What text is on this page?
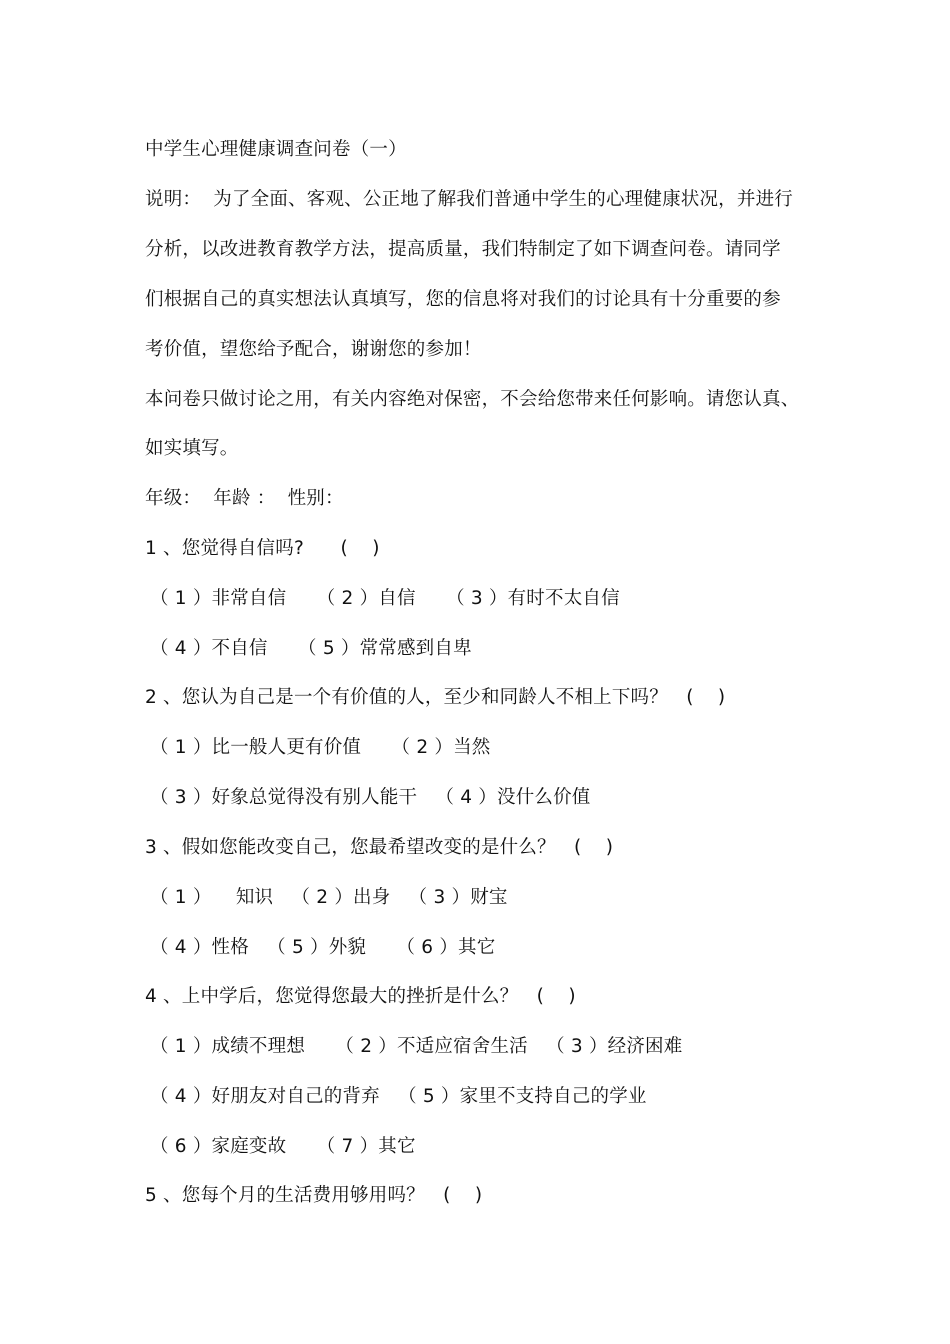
中学生心理健康调查问卷（一）
说明：  为了全面、客观、公正地了解我们普通中学生的心理健康状况，并进行
分析，以改进教育教学方法，提高质量，我们特制定了如下调查问卷。请同学
们根据自己的真实想法认真填写，您的信息将对我们的讨论具有十分重要的参
考价值，望您给予配合，谢谢您的参加！
本问卷只做讨论之用，有关内容绝对保密，不会给您带来任何影响。请您认真、
如实填写。
年级：  年龄 ：  性别：
1 、您觉得自信吗?      (    )
（ 1 ）非常自信     （ 2 ）自信     （ 3 ）有时不太自信
（ 4 ）不自信     （ 5 ）常常感到自卑
2 、您认为自己是一个有价值的人，至少和同龄人不相上下吗？   (    )
（ 1 ）比一般人更有价值     （ 2 ）当然
（ 3 ）好象总觉得没有别人能干   （ 4 ）没什么价值
3 、假如您能改变自己，您最希望改变的是什么？   (    )
（ 1 ）    知识   （ 2 ）出身   （ 3 ）财宝
（ 4 ）性格   （ 5 ）外貌     （ 6 ）其它
4 、上中学后，您觉得您最大的挫折是什么？   (    )
（ 1 ）成绩不理想     （ 2 ）不适应宿舍生活   （ 3 ）经济困难
（ 4 ）好朋友对自己的背弃   （ 5 ）家里不支持自己的学业
（ 6 ）家庭变故     （ 7 ）其它
5 、您每个月的生活费用够用吗？   (    )
